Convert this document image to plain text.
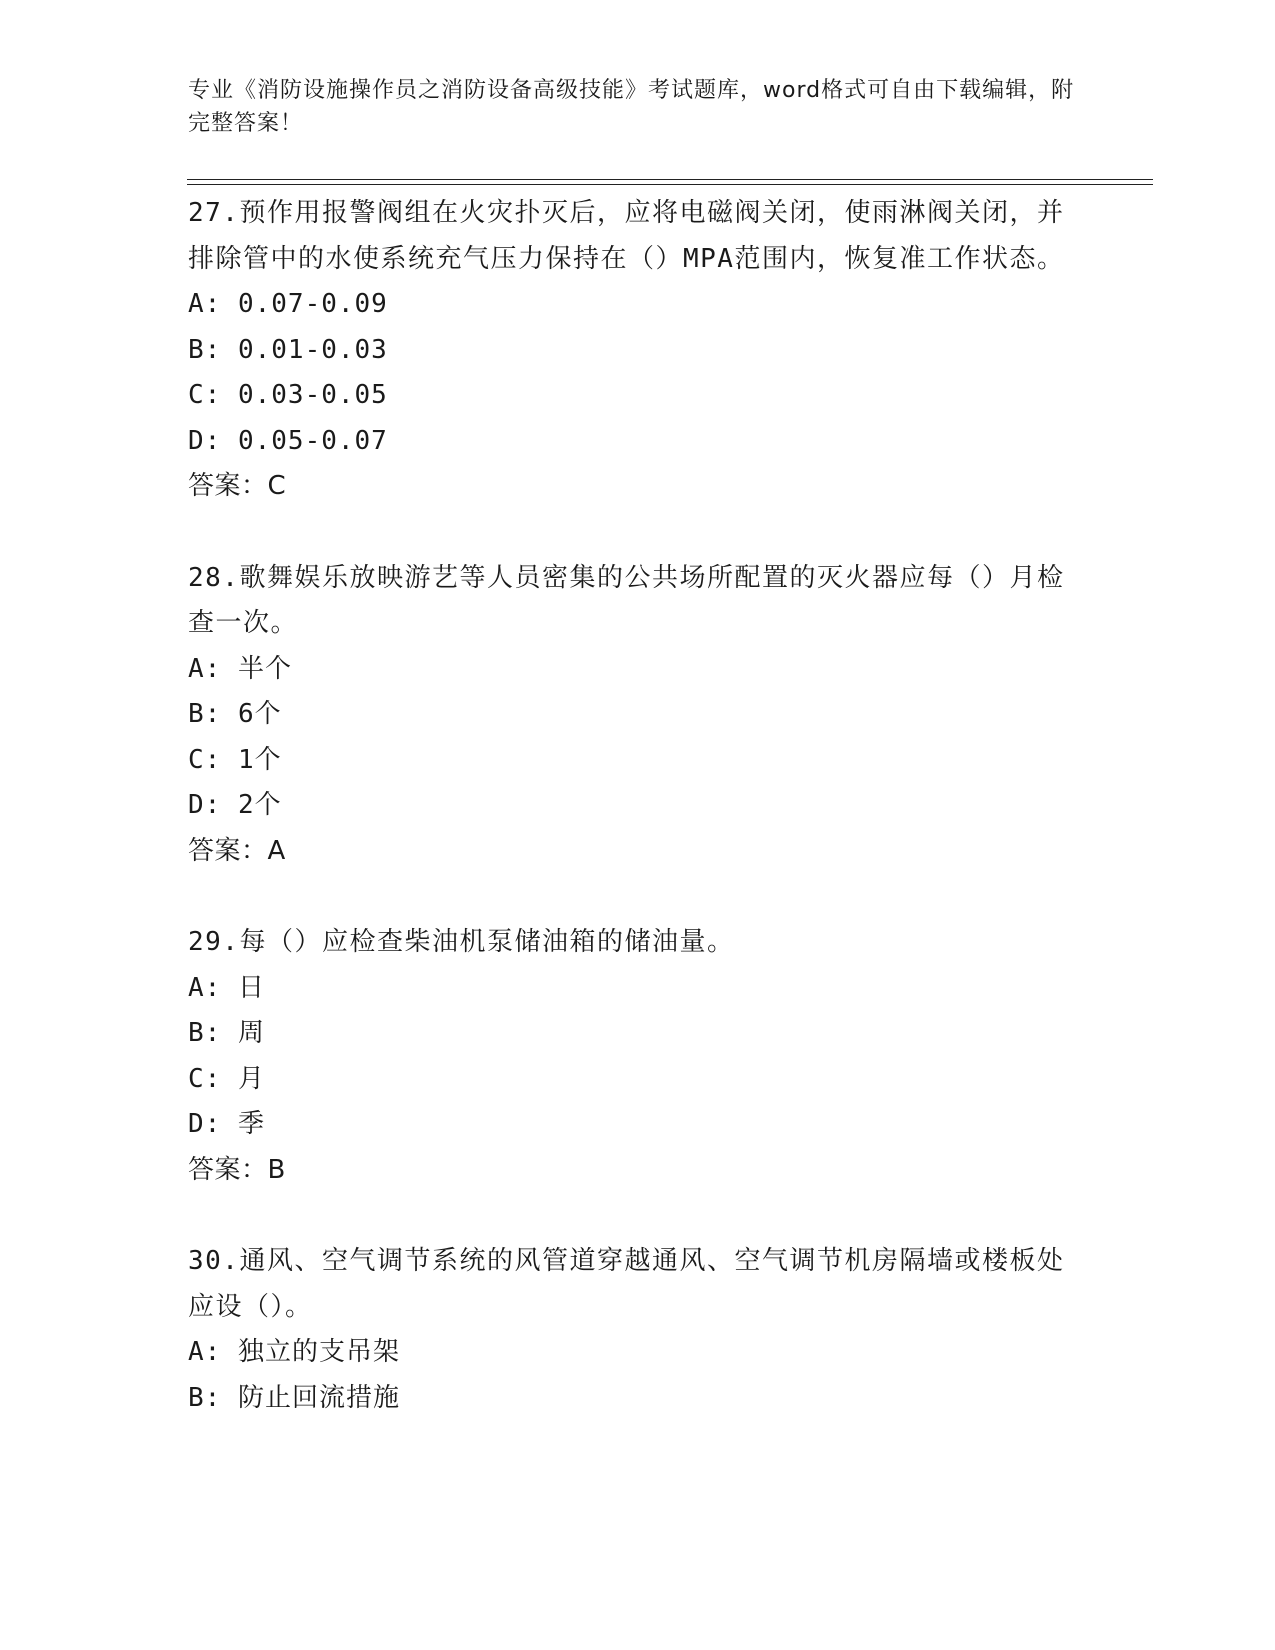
专业《消防设施操作员之消防设备高级技能》考试题库，word格式可自由下载编辑，附完整答案！
27.预作用报警阀组在火灾扑灭后，应将电磁阀关闭，使雨淋阀关闭，并排除管中的水使系统充气压力保持在（）MPA范围内，恢复准工作状态。
A: 0.07-0.09
B: 0.01-0.03
C: 0.03-0.05
D: 0.05-0.07
答案：C
28.歌舞娱乐放映游艺等人员密集的公共场所配置的灭火器应每（）月检查一次。
A: 半个
B: 6个
C: 1个
D: 2个
答案：A
29.每（）应检查柴油机泵储油箱的储油量。
A: 日
B: 周
C: 月
D: 季
答案：B
30.通风、空气调节系统的风管道穿越通风、空气调节机房隔墙或楼板处应设（）。
A: 独立的支吊架
B: 防止回流措施
